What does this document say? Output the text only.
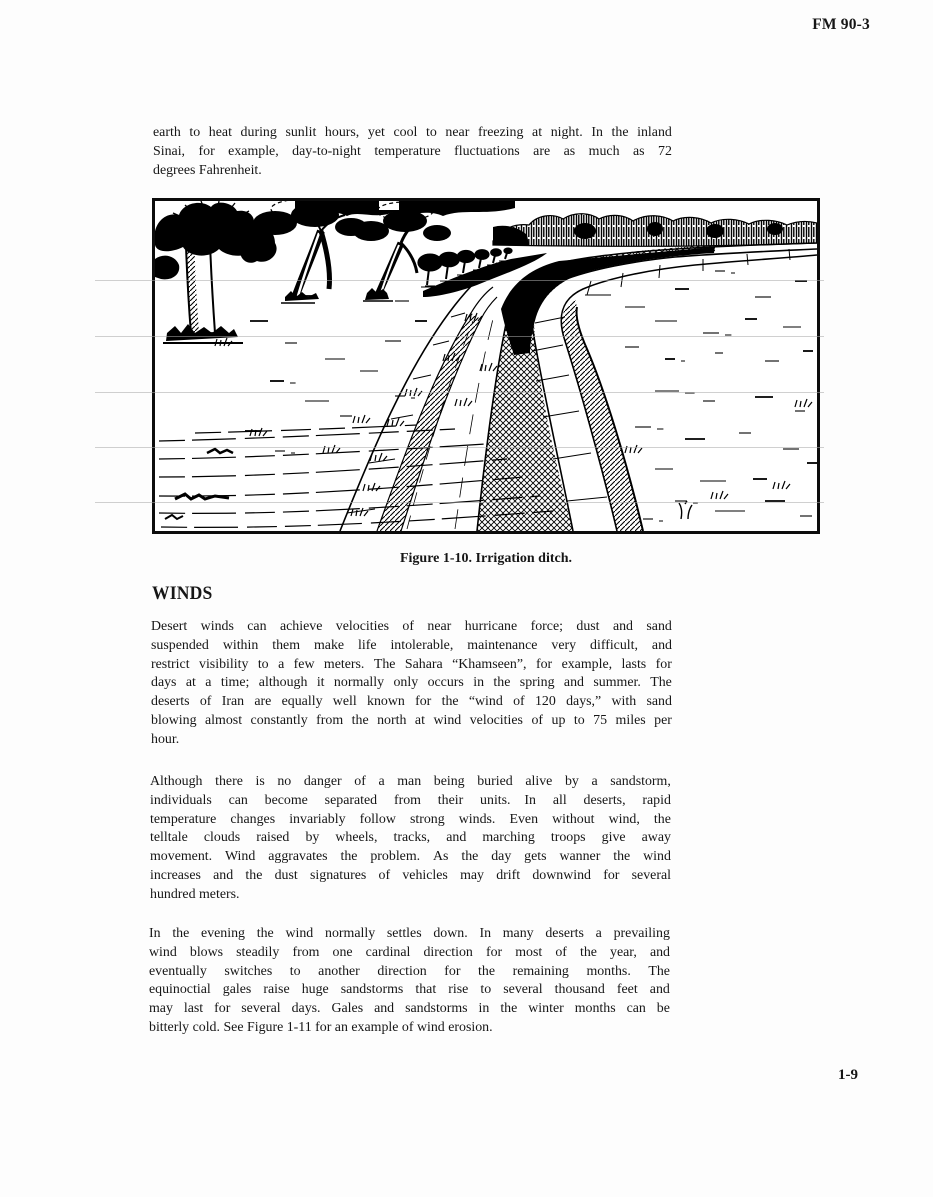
FM 90-3
earth to heat during sunlit hours, yet cool to near freezing at night. In the inland
Sinai, for example, day-to-night temperature fluctuations are as much as 72
degrees Fahrenheit.
Figure 1-10. Irrigation ditch.
WINDS
Desert winds can achieve velocities of near hurricane force; dust and sand
suspended within them make life intolerable, maintenance very difficult, and
restrict visibility to a few meters. The Sahara “Khamseen”, for example, lasts for
days at a time; although it normally only occurs in the spring and summer. The
deserts of Iran are equally well known for the “wind of 120 days,” with sand
blowing almost constantly from the north at wind velocities of up to 75 miles per
hour.
Although there is no danger of a man being buried alive by a sandstorm,
individuals can become separated from their units.    In all deserts, rapid
temperature changes invariably follow strong winds. Even without wind, the
telltale clouds raised by wheels, tracks, and marching troops give away
movement. Wind aggravates the problem. As the day gets wanner the wind
increases and the dust signatures of vehicles may drift downwind for several
hundred meters.
In the evening the wind normally settles down. In many deserts a prevailing
wind blows steadily from one cardinal direction for most of the year, and
eventually switches to another direction for the remaining months. The
equinoctial gales raise huge sandstorms that rise to several thousand feet and
may last for several days. Gales and sandstorms in the winter months can be
bitterly cold. See Figure 1-11 for an example of wind erosion.
1-9
